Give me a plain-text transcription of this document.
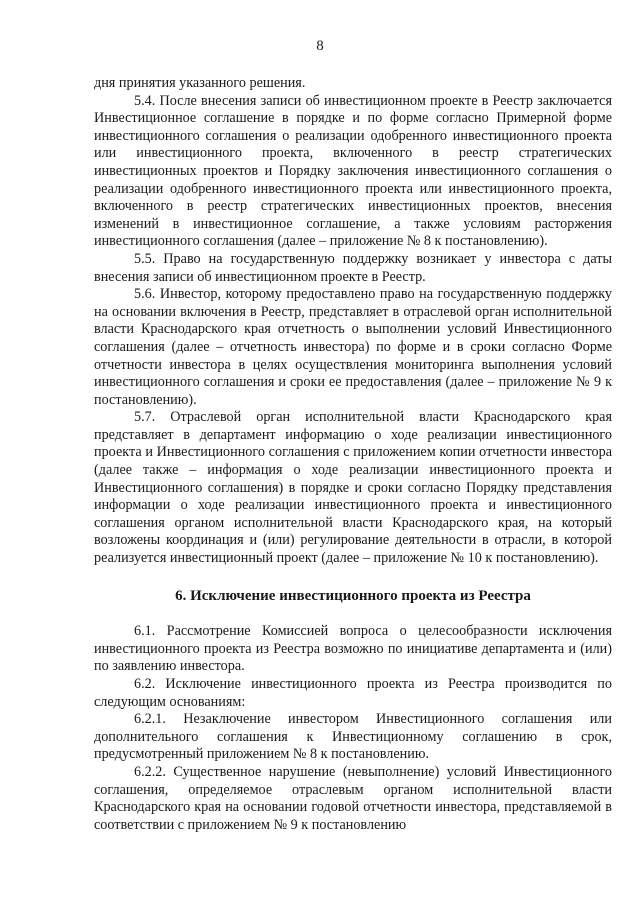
8

дня принятия указанного решения.

5.4. После внесения записи об инвестиционном проекте в Реестр заключается Инвестиционное соглашение в порядке и по форме согласно Примерной форме инвестиционного соглашения о реализации одобренного инвестиционного проекта или инвестиционного проекта, включенного в реестр стратегических инвестиционных проектов и Порядку заключения инвестиционного соглашения о реализации одобренного инвестиционного проекта или инвестиционного проекта, включенного в реестр стратегических инвестиционных проектов, внесения изменений в инвестиционное соглашение, а также условиям расторжения инвестиционного соглашения (далее – приложение № 8 к постановлению).

5.5. Право на государственную поддержку возникает у инвестора с даты внесения записи об инвестиционном проекте в Реестр.

5.6. Инвестор, которому предоставлено право на государственную поддержку на основании включения в Реестр, представляет в отраслевой орган исполнительной власти Краснодарского края отчетность о выполнении условий Инвестиционного соглашения (далее – отчетность инвестора) по форме и в сроки согласно Форме отчетности инвестора в целях осуществления мониторинга выполнения условий инвестиционного соглашения и сроки ее предоставления (далее – приложение № 9 к постановлению).

5.7. Отраслевой орган исполнительной власти Краснодарского края представляет в департамент информацию о ходе реализации инвестиционного проекта и Инвестиционного соглашения с приложением копии отчетности инвестора (далее также – информация о ходе реализации инвестиционного проекта и Инвестиционного соглашения) в порядке и сроки согласно Порядку представления информации о ходе реализации инвестиционного проекта и инвестиционного соглашения органом исполнительной власти Краснодарского края, на который возложены координация и (или) регулирование деятельности в отрасли, в которой реализуется инвестиционный проект (далее – приложение № 10 к постановлению).

6. Исключение инвестиционного проекта из Реестра

6.1. Рассмотрение Комиссией вопроса о целесообразности исключения инвестиционного проекта из Реестра возможно по инициативе департамента и (или) по заявлению инвестора.

6.2. Исключение инвестиционного проекта из Реестра производится по следующим основаниям:

6.2.1. Незаключение инвестором Инвестиционного соглашения или дополнительного соглашения к Инвестиционному соглашению в срок, предусмотренный приложением № 8 к постановлению.

6.2.2. Существенное нарушение (невыполнение) условий Инвестиционного соглашения, определяемое отраслевым органом исполнительной власти Краснодарского края на основании годовой отчетности инвестора, представляемой в соответствии с приложением № 9 к постановлению
